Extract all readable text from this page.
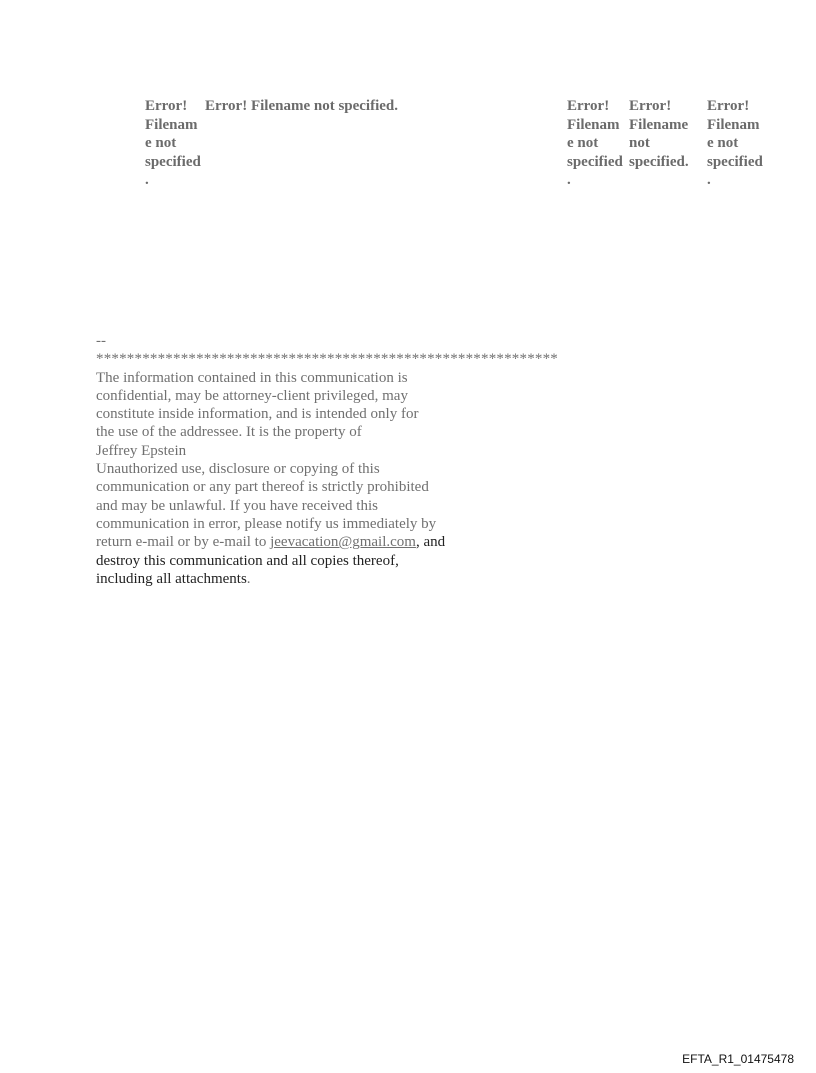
Error!
Filenam
e not
specified
.
Error! Filename not specified.	Error!
Filenam
e not
specified
.
Error!
Filename
not
specified.
Error!
Filenam
e not
specified
.
--
************************************************************
The information contained in this communication is
confidential, may be attorney-client privileged, may
constitute inside information, and is intended only for
the use of the addressee. It is the property of
Jeffrey Epstein
Unauthorized use, disclosure or copying of this
communication or any part thereof is strictly prohibited
and may be unlawful. If you have received this
communication in error, please notify us immediately by
return e-mail or by e-mail to jeevacation@gmail.com, and
destroy this communication and all copies thereof,
including all attachments.
EFTA_R1_01475478
